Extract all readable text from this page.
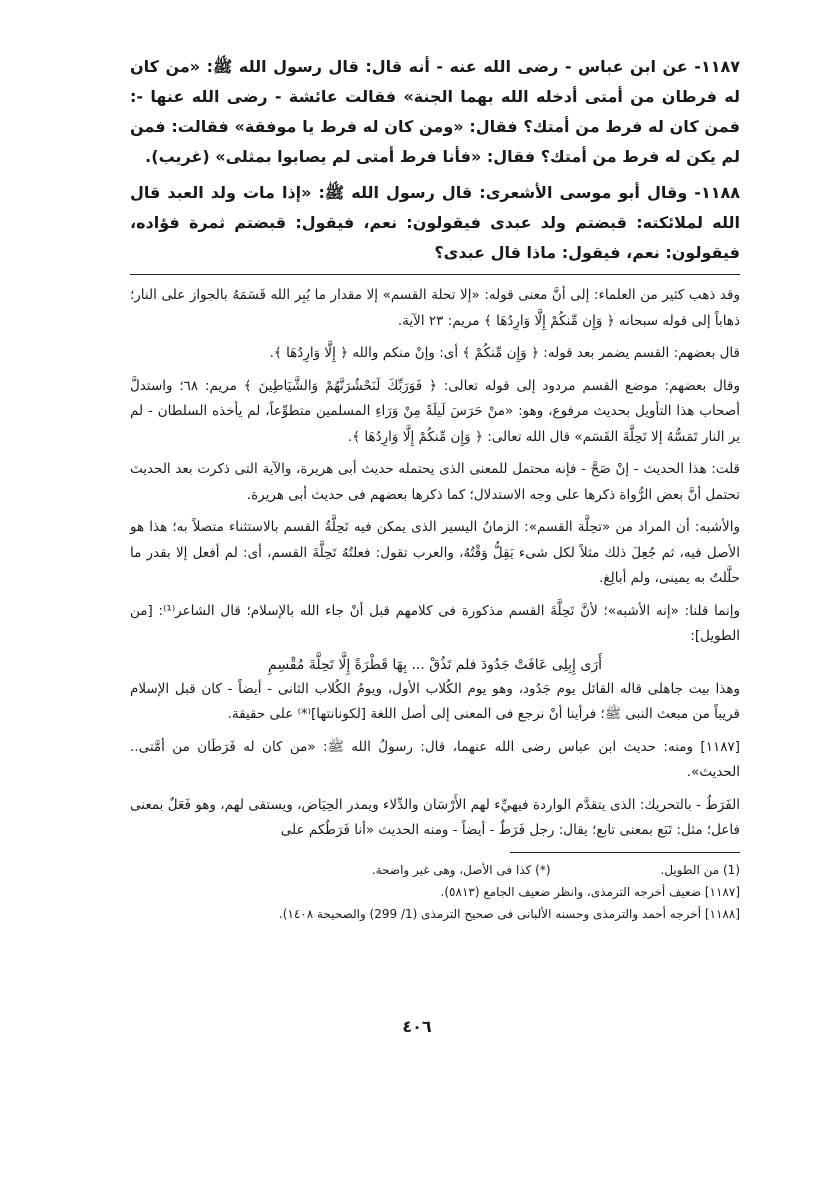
١١٨٧- عن ابن عباس - رضى الله عنه - أنه قال: قال رسول الله ﷺ: «من كان له فرطان من أمتى أدخله الله بهما الجنة» فقالت عائشة - رضى الله عنها -: فمن كان له فرط من أمتك؟ فقال: «ومن كان له فرط يا موفقة» فقالت: فمن لم يكن له فرط من أمتك؟ فقال: «فأنا فرط أمتى لم يصابوا بمثلى» (غريب).

١١٨٨- وقال أبو موسى الأشعرى: قال رسول الله ﷺ: «إذا مات ولد العبد قال الله لملائكته: قبضتم ولد عبدى فيقولون: نعم، فيقول: قبضتم ثمرة فؤاده، فيقولون: نعم، فيقول: ماذا قال عبدى؟

وقد ذهب كثير من العلماء: إلى أنَّ معنى قوله: «إلا تحلة القسم» إلا مقدار ما يُبِر الله قَسَمَهُ بالجواز على النار؛ ذهاباً إلى قوله سبحانه ﴿ وَإِن مِّنكُمْ إِلَّا وَارِدُهَا ﴾ مريم: ٢٣ الآية.

قال بعضهم: القسم يضمر بعد قوله: ﴿ وَإِن مِّنكُمْ ﴾ أى: وإنْ منكم والله ﴿ إِلَّا وَارِدُهَا ﴾.

وقال بعضهم: موضع القسم مردود إلى قوله تعالى: ﴿ فَوَرَبِّكَ لَنَحْشُرَنَّهُمْ وَالشَّيَاطِينَ ﴾ مريم: ٦٨؛ واستدلَّ أصحاب هذا التأويل بحديث مرفوع، وهو: «منْ حَرَسَ لَيلَةً مِنْ وَرَاءِ المسلمين متطوِّعاً، لم يأخذه السلطان - لم ير النار تَمَسُّهُ إلا تَحِلَّةَ القَسَم» قال الله تعالى: ﴿ وَإِن مِّنكُمْ إِلَّا وَارِدُهَا ﴾.

قلت: هذا الحديث - إنْ صَحَّ - فإنه محتمل للمعنى الذى يحتمله حديث أبى هريرة، والآية التى ذكرت بعد الحديث تحتمل أنَّ بعض الرُّواة ذكرها على وجه الاستدلال؛ كما ذكرها بعضهم فى حديث أبى هريرة.

والأشبه: أن المراد من «تحِلَّة القسم»: الزمانُ اليسير الذى يمكن فيه تَحِلَّةُ القسم بالاستثناء متصلاً به؛ هذا هو الأصل فيه، ثم جُعِلَ ذلك مثلاً لكل شىء يَقِلُّ وَقْتُهُ، والعرب تقول: فعلتُهُ تَحِلَّةَ القسم، أى: لم أفعل إلا بقدر ما حلَّلتُ به يمينى، ولم أبالِغ.

وإنما قلنا: «إنه الأشبه»؛ لأنَّ تَحِلَّةَ القسم مذكورة فى كلامهم قبل أنْ جاء الله بالإسلام؛ قال الشاعر⁽¹⁾: [من الطويل]:

أَرَى إِبِلِى عَافَتْ جَدُودَ فلم تَذُقْ ... بِهَا قَطْرَةً إِلَّا تَحِلَّةَ مُقْسِمِ

وهذا بيت جاهلى قاله القائل يوم جَدُود، وهو يوم الكُلاب الأول، ويومُ الكُلاب الثانى - أيضاً - كان قبل الإسلام قريباً من مبعث النبى ﷺ؛ فرأينا أنْ نرجع فى المعنى إلى أصل اللغة [لكونانتها]⁽*⁾ على حقيقة.

[١١٨٧] ومنه: حديث ابن عباس رضى الله عنهما، قال: رسولُ الله ﷺ: «من كان له فَرَطَان من أمَّتى.. الحديث».

الفَرَطُ - بالتحريك: الذى يتقدَّم الواردة فيهيِّء لهم الأَرْسَان والدِّلاء ويمدر الحِيَاض، ويستقى لهم، وهو فَعَلٌ بمعنى فاعل؛ مثل: تَبَع بمعنى تابع؛ يقال: رجل فَرَطٌ - أيضاً - ومنه الحديث «أنا فَرَطُكم على

(1) من الطويل.
(*) كذا فى الأصل، وهى غير واضحة.

[١١٨٧] ضعيف أخرجه الترمذى، وانظر ضعيف الجامع (٥٨١٣).

[١١٨٨] أخرجه أحمد والترمذى وحسنه الألبانى فى صحيح الترمذى (1/ 299) والصحيحة ١٤٠٨).

٤٠٦
